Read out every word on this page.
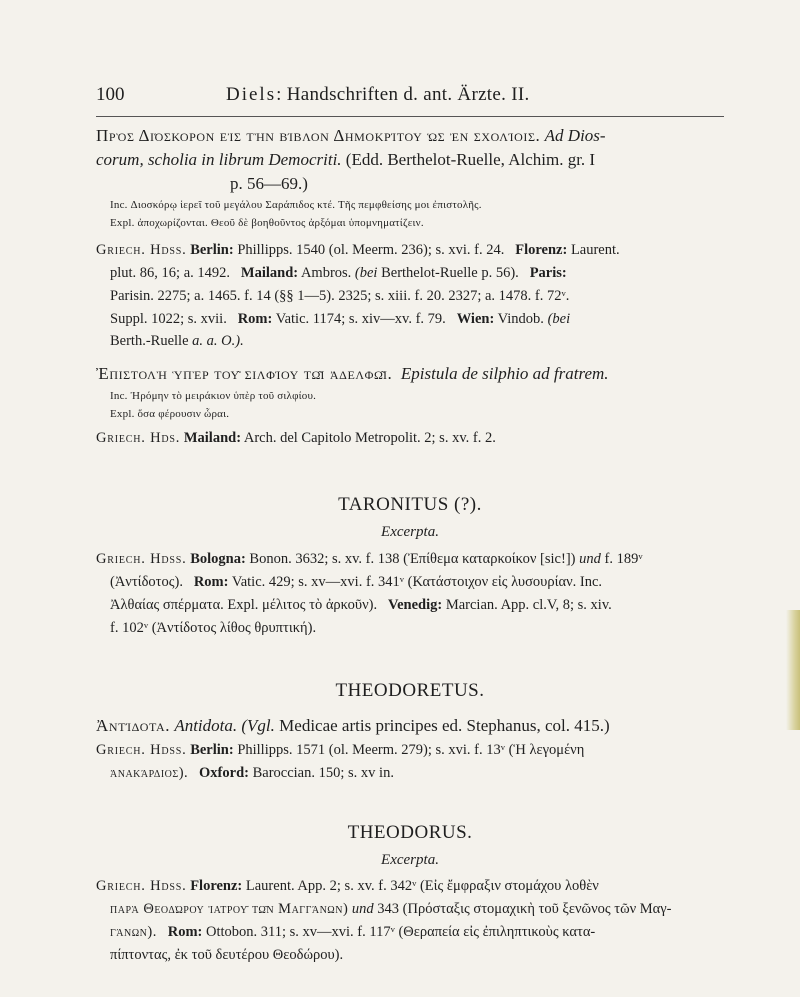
100	Diels: Handschriften d. ant. Ärzte. II.
Πρὸς Διόσκορον εἰς τὴν βίβλον Δημοκρίτου ὡς ἐν σχολίοις. Ad Dios-
corum, scholia in librum Democriti. (Edd. Berthelot-Ruelle, Alchim. gr. I
p. 56—69.)
Inc. Διοσκόρῳ ἱερεῖ τοῦ μεγάλου Σαράπιδος κτέ. Τῆς πεμφθείσης μοι ἐπιστολῆς.
Expl. ἀποχωρίζονται. Θεοῦ δὲ βοηθοῦντος ἀρξόμαι ὑπομνηματίζειν.
Griech. Hdss. Berlin: Phillipps. 1540 (ol. Meerm. 236); s. xvi. f. 24. Florenz: Laurent.
plut. 86, 16; a. 1492. Mailand: Ambros. (bei Berthelot-Ruelle p. 56). Paris:
Parisin. 2275; a. 1465. f. 14 (§§ 1—5). 2325; s. xiii. f. 20. 2327; a. 1478. f. 72ᵛ.
Suppl. 1022; s. xvii. Rom: Vatic. 1174; s. xiv—xv. f. 79. Wien: Vindob. (bei
Berth.-Ruelle a. a. O.).
Ἐπιστολὴ ὑπὲρ τοῦ σιλφίου τῷ ἀδελφῷ. Epistula de silphio ad fratrem.
Inc. Ἠρόμην τὸ μειράκιον ὑπὲρ τοῦ σιλφίου.
Expl. ὅσα φέρουσιν ὧραι.
Griech. Hds. Mailand: Arch. del Capitolo Metropolit. 2; s. xv. f. 2.
TARONITUS (?).
Excerpta.
Griech. Hdss. Bologna: Bonon. 3632; s. xv. f. 138 (Ἐπίθεμα καταρκοίκον [sic!]) und f. 189ᵛ
(Ἀντίδοτος). Rom: Vatic. 429; s. xv—xvi. f. 341ᵛ (Κατάστοιχον εἰς λυσουρίαν. Inc.
Ἀλθαίας σπέρματα. Expl. μέλιτος τὸ ἀρκοῦν). Venedig: Marcian. App. cl.V, 8; s. xiv.
f. 102ᵛ (Ἀντίδοτος λίθος θρυπτική).
THEODORETUS.
Ἀντίδοτα. Antidota. (Vgl. Medicae artis principes ed. Stephanus, col. 415.)
Griech. Hdss. Berlin: Phillipps. 1571 (ol. Meerm. 279); s. xvi. f. 13ᵛ (Ἡ λεγομένη
ἀνακάρδιος). Oxford: Baroccian. 150; s. xv in.
THEODORUS.
Excerpta.
Griech. Hdss. Florenz: Laurent. App. 2; s. xv. f. 342ᵛ (Εἰς ἔμφραξιν στομάχου λοθὲν
παρὰ Θεοδώρου ἰατροῦ τῶν Μαγγάνων) und 343 (Πρόσταξις στομαχικὴ τοῦ ξενῶνος τῶν Μαγ-
γάνων). Rom: Ottobon. 311; s. xv—xvi. f. 117ᵛ (Θεραπεία εἰς ἐπιληπτικοὺς κατα-
πίπτοντας, ἐκ τοῦ δευτέρου Θεοδώρου).
